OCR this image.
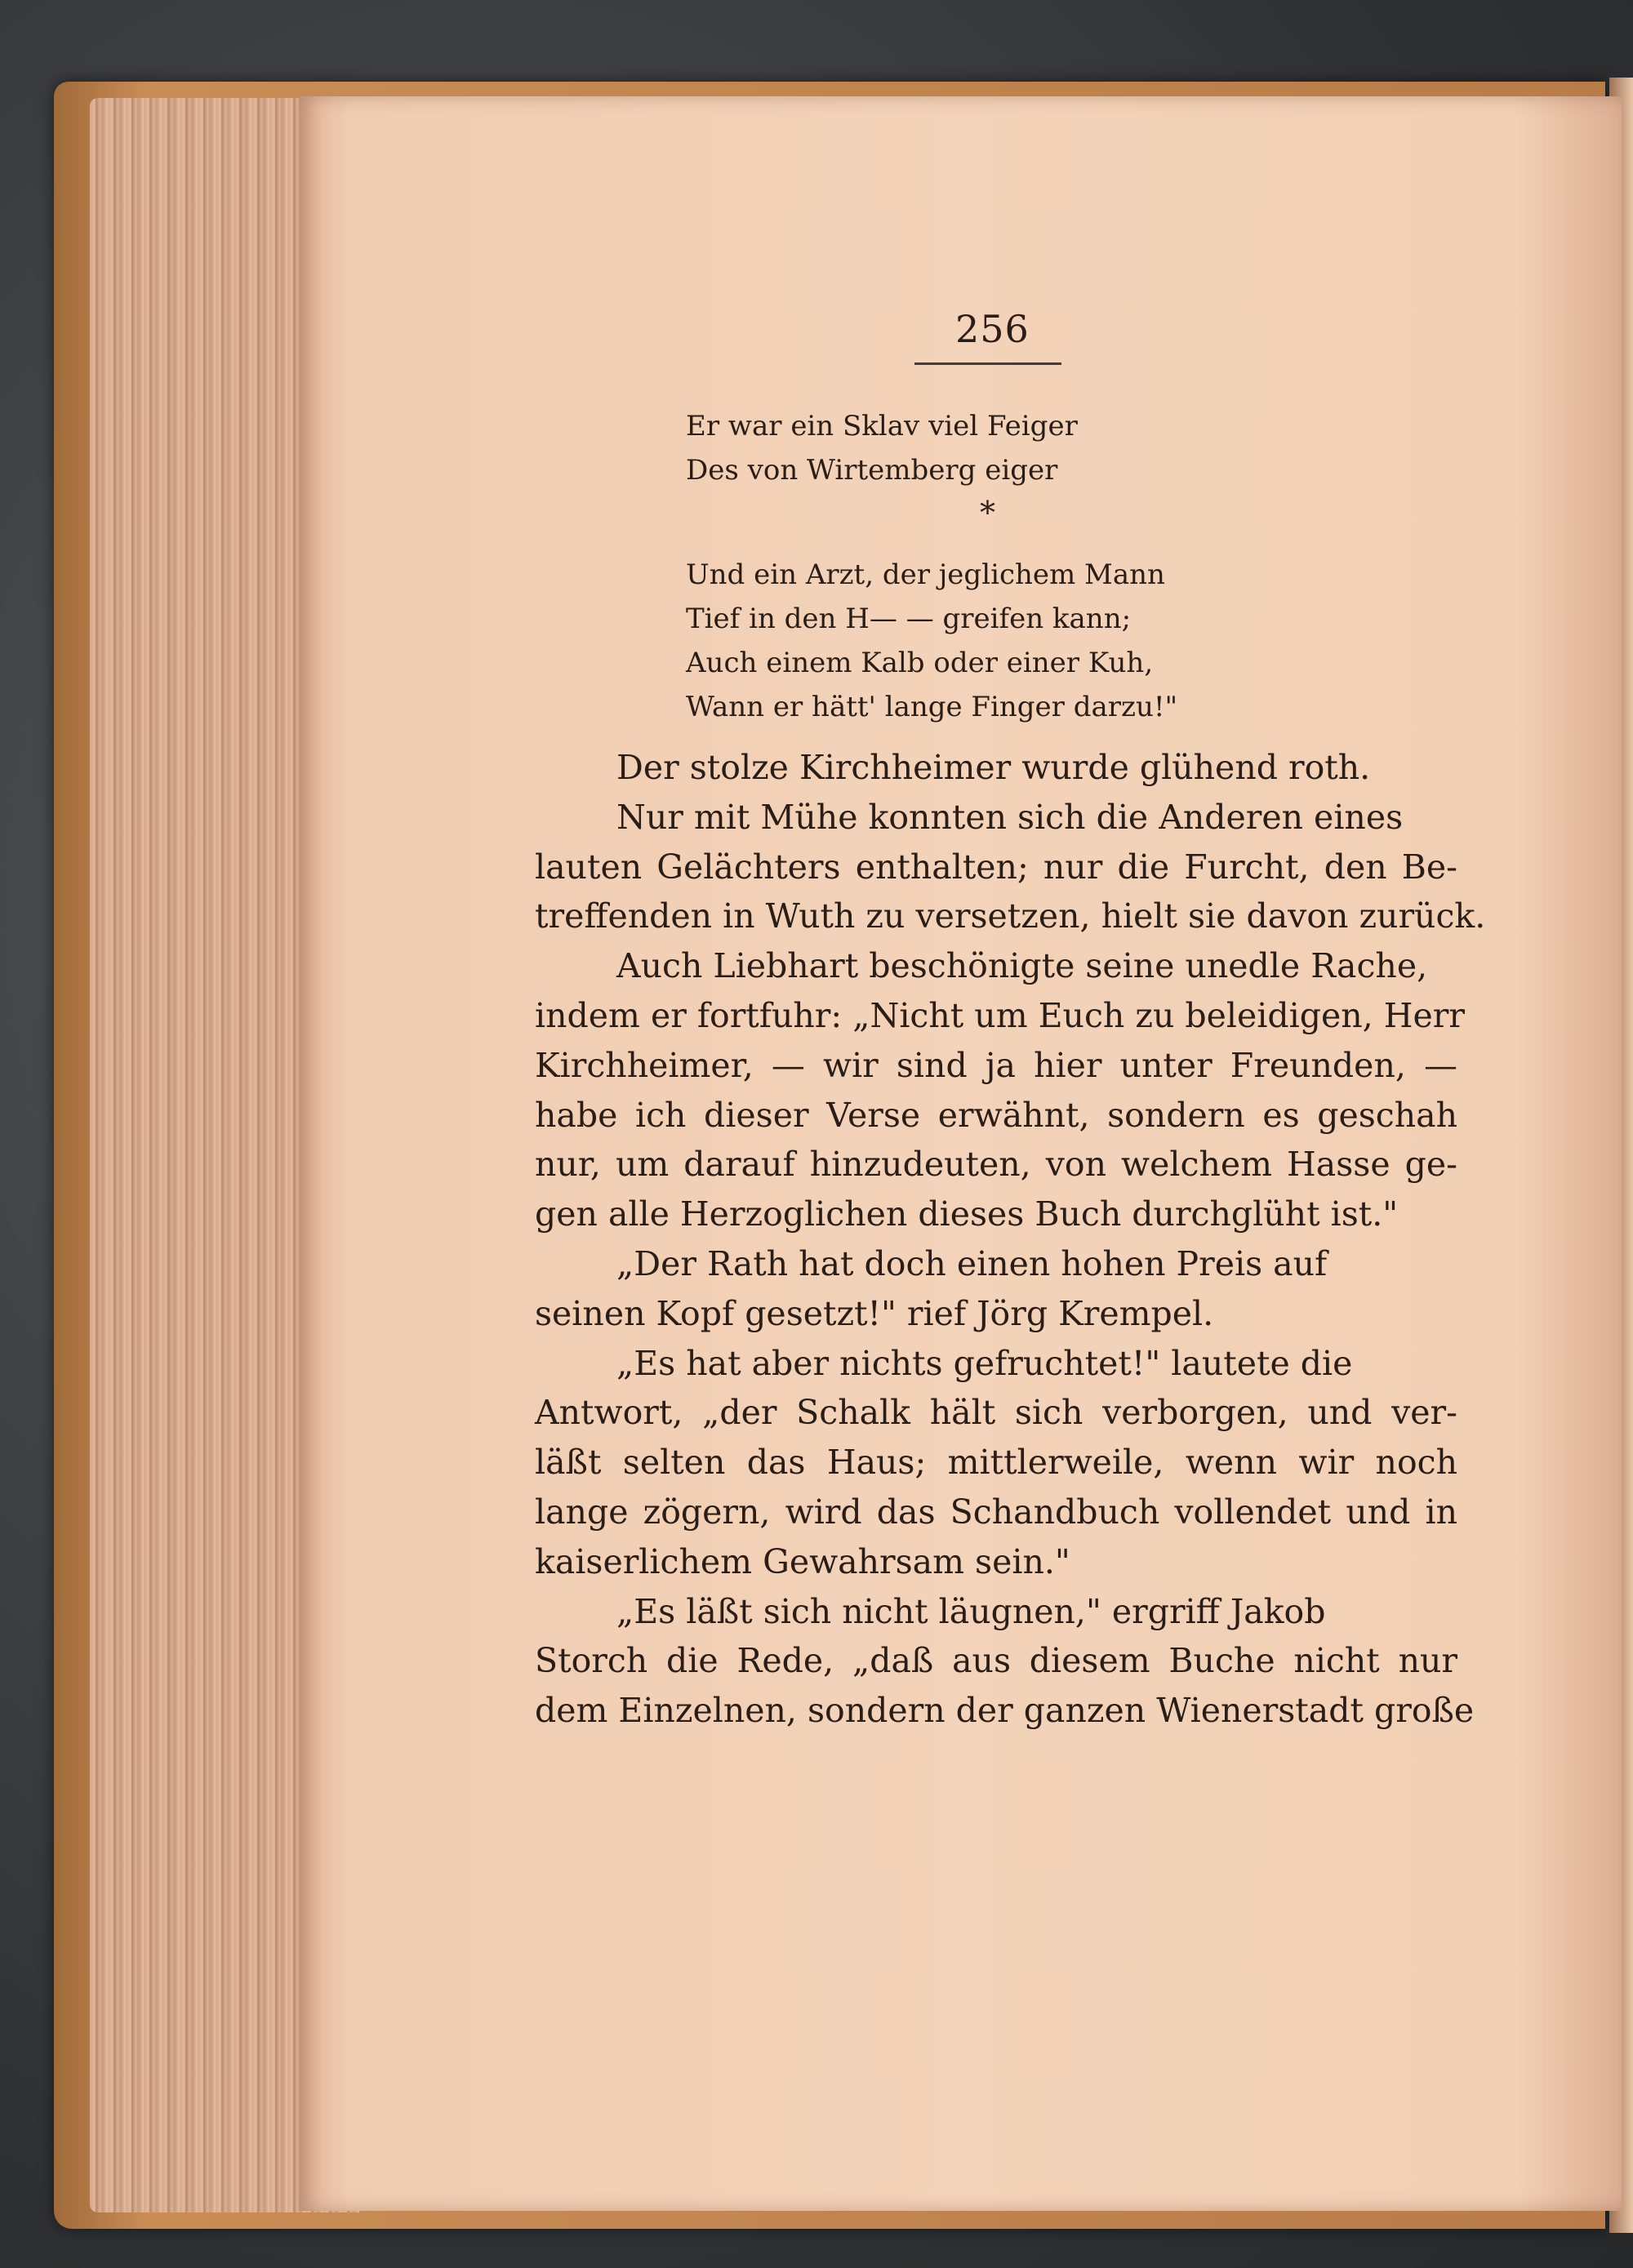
256
Er war ein Sklav viel Feiger
Des von Wirtemberg eiger
*
Und ein Arzt, der jeglichem Mann
Tief in den H— — greifen kann;
Auch einem Kalb oder einer Kuh,
Wann er hätt' lange Finger darzu!"
Der stolze Kirchheimer wurde glühend roth.
Nur mit Mühe konnten sich die Anderen eines
lauten Gelächters enthalten; nur die Furcht, den Be-
treffenden in Wuth zu versetzen, hielt sie davon zurück.
Auch Liebhart beschönigte seine unedle Rache,
indem er fortfuhr: „Nicht um Euch zu beleidigen, Herr
Kirchheimer, — wir sind ja hier unter Freunden, —
habe ich dieser Verse erwähnt, sondern es geschah
nur, um darauf hinzudeuten, von welchem Hasse ge-
gen alle Herzoglichen dieses Buch durchglüht ist."
„Der Rath hat doch einen hohen Preis auf
seinen Kopf gesetzt!" rief Jörg Krempel.
„Es hat aber nichts gefruchtet!" lautete die
Antwort, „der Schalk hält sich verborgen, und ver-
läßt selten das Haus; mittlerweile, wenn wir noch
lange zögern, wird das Schandbuch vollendet und in
kaiserlichem Gewahrsam sein."
„Es läßt sich nicht läugnen," ergriff Jakob
Storch die Rede, „daß aus diesem Buche nicht nur
dem Einzelnen, sondern der ganzen Wienerstadt große
